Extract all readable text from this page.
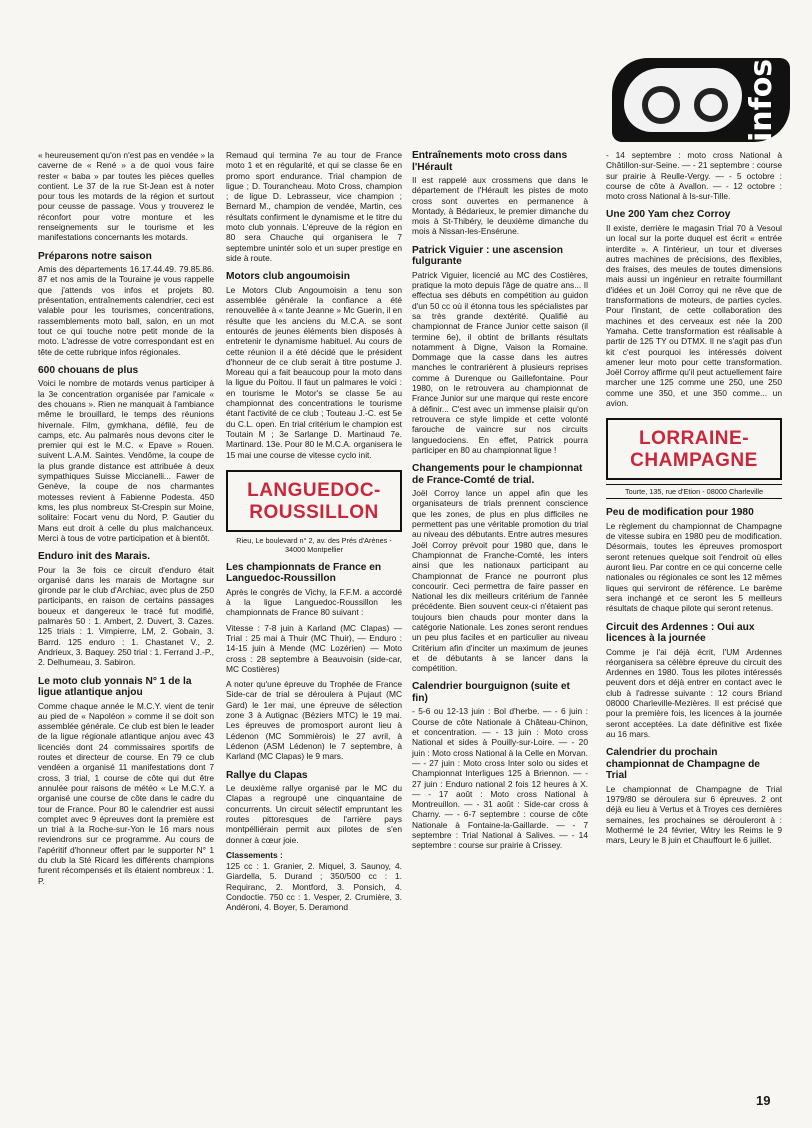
infos

« heureusement qu'on n'est pas en vendée » la caverne de « René » a de quoi vous faire rester « baba » par toutes les pièces quelles contient. Le 37 de la rue St-Jean est à noter pour tous les motards de la région et surtout pour ceusse de passage. Vous y trouverez le réconfort pour votre monture et les renseignements sur le tourisme et les manifestations concernants les motards.

Préparons notre saison

Amis des départements 16.17.44.49. 79.85.86. 87 et nos amis de la Touraine je vous rappelle que j'attends vos infos et projets 80. présentation, entraînements calendrier, ceci est valable pour les tourismes, concentrations, rassemblements moto ball, salon, en un mot tout ce qui touche notre petit monde de la moto. L'adresse de votre correspondant est en tête de cette rubrique infos régionales.

600 chouans de plus

Voici le nombre de motards venus participer à la 3e concentration organisée par l'amicale « des chouans ». Rien ne manquait à l'ambiance même le brouillard, le temps des réunions hivernale. Film, gymkhana, défilé, feu de camps, etc. Au palmarès nous devons citer le premier qui est le M.C. « Epave » Rouen. suivent L.A.M. Saintes. Vendôme, la coupe de la plus grande distance est attribuée à deux sympathiques Suisse Miccianelli... Fawer de Genève, la coupe de nos charmantes motesses revient à Fabienne Podesta. 450 kms, les plus nombreux St-Crespin sur Moine, solitaire: Focart venu du Nord, P. Gautier du Mans eut droit à celle du plus malchanceux. Merci à tous de votre participation et à bientôt.

Enduro init des Marais.

Pour la 3e fois ce circuit d'enduro était organisé dans les marais de Mortagne sur gironde par le club d'Archiac, avec plus de 250 participants, en raison de certains passages boueux et dangereux le tracé fut modifié, palmarès 50 : 1. Ambert, 2. Duvert, 3. Cazes. 125 trials : 1. Vimpierre, LM, 2. Gobain, 3. Barrd. 125 enduro : 1. Chastanet V., 2. Andrieux, 3. Baquey. 250 trial : 1. Ferrand J.-P., 2. Delhumeau, 3. Sabiron.

Le moto club yonnais N° 1 de la ligue atlantique anjou

Comme chaque année le M.C.Y. vient de tenir au pied de « Napoléon » comme il se doit son assemblée générale. Ce club est bien le leader de la ligue régionale atlantique anjou avec 43 licenciés dont 24 commissaires sportifs de routes et directeur de course. En 79 ce club vendéen a organisé 11 manifestations dont 7 cross, 3 trial, 1 course de côte qui dut être annulée pour raisons de météo « Le M.C.Y. a organisé une course de côte dans le cadre du tour de France. Pour 80 le calendrier est aussi complet avec 9 épreuves dont la première est un trial à la Roche-sur-Yon le 16 mars nous reviendrons sur ce programme. Au cours de l'apéritif d'honneur offert par le supporter N° 1 du club la Sté Ricard les différents champions furent récompensés et ils étaient nombreux : 1. P.

Remaud qui termina 7e au tour de France moto 1 et en régularité, et qui se classe 6e en promo sport endurance. Trial champion de ligue ; D. Tourancheau. Moto Cross, champion ; de ligue D. Lebrasseur, vice champion ; Bernard M., champion de vendée, Martin, ces résultats confirment le dynamisme et le titre du moto club yonnais. L'épreuve de la région en 80 sera Chauche qui organisera le 7 septembre unintér solo et un super prestige en side à route.

Motors club angoumoisin

Le Motors Club Angoumoisin a tenu son assemblée générale la confiance a été renouvellée à « tante Jeanne » Mc Guerin, il en résulte que les anciens du M.C.A. se sont entourés de jeunes éléments bien disposés à entretenir le dynamisme habituel. Au cours de cette réunion il a été décidé que le président d'honneur de ce club serait à titre postume J. Moreau qui a fait beaucoup pour la moto dans la ligue du Poitou. Il faut un palmares le voici : en tourisme le Motor's se classe 5e au championnat des concentrations le tourisme étant l'activité de ce club ; Touteau J.-C. est 5e du C.L. open. En trial critérium le champion est Toutain M ; 3e Sarlange D. Martinaud 7e. Martinard. 13e. Pour 80 le M.C.A. organisera le 15 mai une course de vitesse cyclo init.

LANGUEDOC-ROUSSILLON
Rieu, Le boulevard n° 2, av. des Prés d'Arènes - 34000 Montpellier
Les championnats de France en Languedoc-Roussillon

Après le congrès de Vichy, la F.F.M. a accordé à la ligue Languedoc-Roussillon les championnats de France 80 suivant :

Vitesse : 7-8 juin à Karland (MC Clapas) — Trial : 25 mai à Thuir (MC Thuir), — Enduro : 14-15 juin à Mende (MC Lozérien) — Moto cross : 28 septembre à Beauvoisin (side-car, MC Costières)

A noter qu'une épreuve du Trophée de France Side-car de trial se déroulera à Pujaut (MC Gard) le 1er mai, une épreuve de sélection zone 3 à Autignac (Béziers MTC) le 19 mai. Les épreuves de promosport auront lieu à Lédenon (MC Sommièrois) le 27 avril, à Lédenon (ASM Lédenon) le 7 septembre, à Karland (MC Clapas) le 9 mars.

Rallye du Clapas

Le deuxième rallye organisé par le MC du Clapas a regroupé une cinquantaine de concurrents. Un circuit sélectif empruntant les routes pittoresques de l'arrière pays montpélliérain permit aux pilotes de s'en donner à cœur joie.

Classements :

125 cc : 1. Granier, 2. Miquel, 3. Saunoy, 4. Giardella, 5. Durand ; 350/500 cc : 1. Requiranc, 2. Montford, 3. Ponsich, 4. Condoctie. 750 cc : 1. Vesper, 2. Crumière, 3. Andéroni, 4. Boyer, 5. Deramond

Entraînements moto cross dans l'Hérault

Il est rappelé aux crossmens que dans le département de l'Hérault les pistes de moto cross sont ouvertes en permanence à Montady, à Bédarieux, le premier dimanche du mois à St-Thibéry, le deuxième dimanche du mois à Nissan-les-Ensérune.

Patrick Viguier : une ascension fulgurante

Patrick Viguier, licencié au MC des Costières, pratique la moto depuis l'âge de quatre ans... Il effectua ses débuts en compétition au guidon d'un 50 cc où il étonna tous les spécialistes par sa très grande dextérité. Qualifié au championnat de France Junior cette saison (il termine 6e), il obtint de brillants résultats notamment à Digne, Vaison la Romaine. Dommage que la casse dans les autres manches le contrarièrent à plusieurs reprises comme à Durenque ou Gaillefontaine. Pour 1980, on le retrouvera au championnat de France Junior sur une marque qui reste encore à définir... C'est avec un immense plaisir qu'on retrouvera ce style limpide et cette volonté farouche de vaincre sur nos circuits languedociens. En effet, Patrick pourra participer en 80 au championnat ligue !

Changements pour le championnat de France-Comté de trial.

Joël Corroy lance un appel afin que les organisateurs de trials prennent conscience que les zones, de plus en plus difficiles ne permettent pas une véritable promotion du trial au niveau des débutants. Entre autres mesures Joël Corroy prévoit pour 1980 que, dans le Championnat de Franche-Comté, les inters ainsi que les nationaux participant au Championnat de France ne pourront plus concourir. Ceci permettra de faire passer en National les dix meilleurs critérium de l'année précédente. Bien souvent ceux-ci n'étaient pas toujours bien chauds pour monter dans la catégorie Nationale. Les zones seront rendues un peu plus faciles et en particulier au niveau Critérium afin d'inciter un maximum de jeunes et de débutants à se lancer dans la compétition.

Calendrier bourguignon (suite et fin)

- 5-6 ou 12-13 juin : Bol d'herbe. — - 6 juin : Course de côte Nationale à Château-Chinon, et concentration. — - 13 juin : Moto cross National et sides à Pouilly-sur-Loire. — - 20 juin : Moto cross National à la Celle en Morvan. — - 27 juin : Moto cross Inter solo ou sides et Championnat Interligues 125 à Briennon. — - 27 juin : Enduro national 2 fois 12 heures à X. — - 17 août : Moto cross National à Montreuillon. — - 31 août : Side-car cross à Charny. — - 6-7 septembre : course de côte Nationale à Fontaine-la-Gaillarde. — - 7 septembre : Trial National à Salives. — - 14 septembre : course sur prairie à Crissey.

- 14 septembre : moto cross National à Châtillon-sur-Seine. — - 21 septembre : course sur prairie à Reulle-Vergy. — - 5 octobre : course de côte à Avallon. — - 12 octobre : moto cross National à Is-sur-Tille.

Une 200 Yam chez Corroy

Il existe, derrière le magasin Trial 70 à Vesoul un local sur la porte duquel est écrit « entrée interdite ». A l'intérieur, un tour et diverses autres machines de précisions, des flexibles, des fraises, des meules de toutes dimensions mais aussi un ingénieur en retraite fourmillant d'idées et un Joël Corroy qui ne rêve que de transformations de moteurs, de parties cycles. Pour l'instant, de cette collaboration des machines et des cerveaux est née la 200 Yamaha. Cette transformation est réalisable à partir de 125 TY ou DTMX. Il ne s'agit pas d'un kit c'est pourquoi les intéressés doivent amener leur moto pour cette transformation. Joël Corroy affirme qu'il peut actuellement faire marcher une 125 comme une 250, une 250 comme une 350, et une 350 comme... un avion.

LORRAINE-CHAMPAGNE
Tourte, 135, rue d'Etion - 08000 Charleville
Peu de modification pour 1980

Le règlement du championnat de Champagne de vitesse subira en 1980 peu de modification. Désormais, toutes les épreuves promosport seront retenues quelque soit l'endroit où elles auront lieu. Par contre en ce qui concerne celle nationales ou régionales ce sont les 12 mêmes liques qui serviront de référence. Le barème sera inchangé et ce seront les 5 meilleurs résultats de chaque pilote qui seront retenus.

Circuit des Ardennes : Oui aux licences à la journée

Comme je l'ai déjà écrit, l'UM Ardennes réorganisera sa célèbre épreuve du circuit des Ardennes en 1980. Tous les pilotes intéressés peuvent dors et déjà entrer en contact avec le club à l'adresse suivante : 12 cours Briand 08000 Charleville-Mezières. Il est précisé que pour la première fois, les licences à la journée seront acceptées. La date définitive est fixée au 16 mars.

Calendrier du prochain championnat de Champagne de Trial

Le championnat de Champagne de Trial 1979/80 se déroulera sur 6 épreuves. 2 ont déjà eu lieu à Vertus et à Troyes ces dernières semaines, les prochaines se dérouleront à : Mothermé le 24 février, Witry les Reims le 9 mars, Leury le 8 juin et Chauffourt le 6 juillet.

19
